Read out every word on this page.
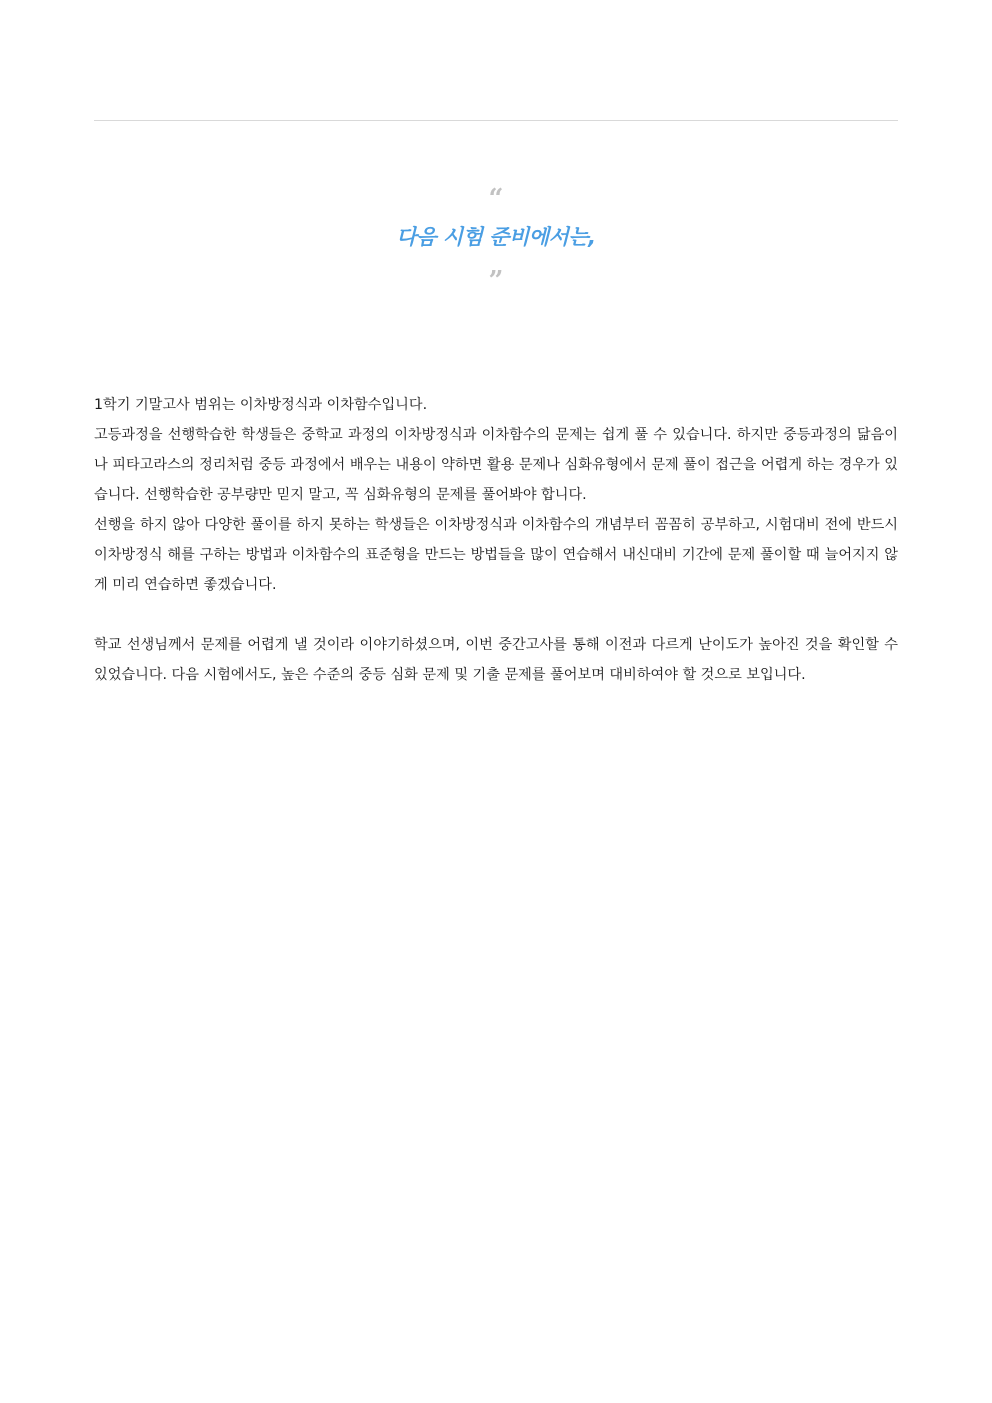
“
다음 시험 준비에서는,
”

1학기 기말고사 범위는 이차방정식과 이차함수입니다.

고등과정을 선행학습한 학생들은 중학교 과정의 이차방정식과 이차함수의 문제는 쉽게 풀 수 있습니다. 하지만 중등과정의 닮음이나 피타고라스의 정리처럼 중등 과정에서 배우는 내용이 약하면 활용 문제나 심화유형에서 문제 풀이 접근을 어렵게 하는 경우가 있습니다. 선행학습한 공부량만 믿지 말고, 꼭 심화유형의 문제를 풀어봐야 합니다.

선행을 하지 않아 다양한 풀이를 하지 못하는 학생들은 이차방정식과 이차함수의 개념부터 꼼꼼히 공부하고, 시험대비 전에 반드시 이차방정식 해를 구하는 방법과 이차함수의 표준형을 만드는 방법들을 많이 연습해서 내신대비 기간에 문제 풀이할 때 늘어지지 않게 미리 연습하면 좋겠습니다.

학교 선생님께서 문제를 어렵게 낼 것이라 이야기하셨으며, 이번 중간고사를 통해 이전과 다르게 난이도가 높아진 것을 확인할 수 있었습니다. 다음 시험에서도, 높은 수준의 중등 심화 문제 및 기출 문제를 풀어보며 대비하여야 할 것으로 보입니다.
